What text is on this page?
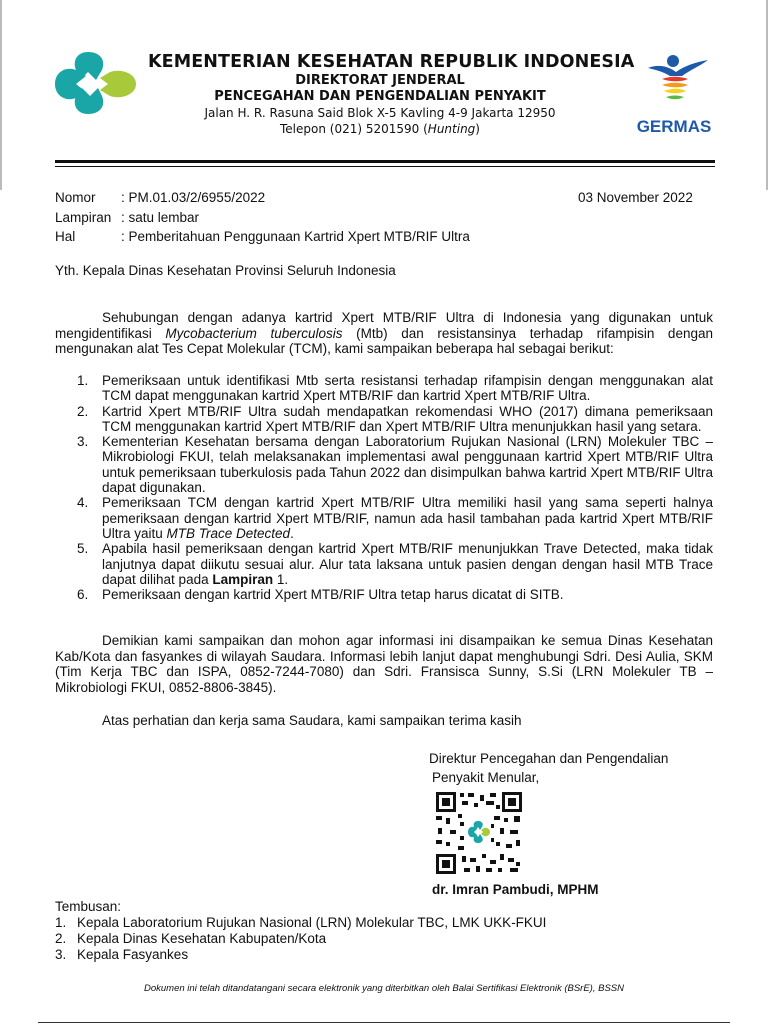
KEMENTERIAN KESEHATAN REPUBLIK INDONESIA
DIREKTORAT JENDERAL
PENCEGAHAN DAN PENGENDALIAN PENYAKIT
Jalan H. R. Rasuna Said Blok X-5 Kavling 4-9 Jakarta 12950
Telepon (021) 5201590 (Hunting)	GERMAS
Nomor : PM.01.03/2/6955/2022	03 November 2022
Lampiran : satu lembar
Hal	: Pemberitahuan Penggunaan Kartrid Xpert MTB/RIF Ultra
Yth. Kepala Dinas Kesehatan Provinsi Seluruh Indonesia

Sehubungan dengan adanya kartrid Xpert MTB/RIF Ultra di Indonesia yang digunakan untuk mengidentifikasi Mycobacterium tuberculosis (Mtb) dan resistansinya terhadap rifampisin dengan mengunakan alat Tes Cepat Molekular (TCM), kami sampaikan beberapa hal sebagai berikut:

1. Pemeriksaan untuk identifikasi Mtb serta resistansi terhadap rifampisin dengan menggunakan alat TCM dapat menggunakan kartrid Xpert MTB/RIF dan kartrid Xpert MTB/RIF Ultra.
2. Kartrid Xpert MTB/RIF Ultra sudah mendapatkan rekomendasi WHO (2017) dimana pemeriksaan TCM menggunakan kartrid Xpert MTB/RIF dan Xpert MTB/RIF Ultra menunjukkan hasil yang setara.
3. Kementerian Kesehatan bersama dengan Laboratorium Rujukan Nasional (LRN) Molekuler TBC – Mikrobiologi FKUI, telah melaksanakan implementasi awal penggunaan kartrid Xpert MTB/RIF Ultra untuk pemeriksaan tuberkulosis pada Tahun 2022 dan disimpulkan bahwa kartrid Xpert MTB/RIF Ultra dapat digunakan.
4. Pemeriksaan TCM dengan kartrid Xpert MTB/RIF Ultra memiliki hasil yang sama seperti halnya pemeriksaan dengan kartrid Xpert MTB/RIF, namun ada hasil tambahan pada kartrid Xpert MTB/RIF Ultra yaitu MTB Trace Detected.
5. Apabila hasil pemeriksaan dengan kartrid Xpert MTB/RIF menunjukkan Trave Detected, maka tidak lanjutnya dapat diikutu sesuai alur. Alur tata laksana untuk pasien dengan dengan hasil MTB Trace dapat dilihat pada Lampiran 1.
6. Pemeriksaan dengan kartrid Xpert MTB/RIF Ultra tetap harus dicatat di SITB.

Demikian kami sampaikan dan mohon agar informasi ini disampaikan ke semua Dinas Kesehatan Kab/Kota dan fasyankes di wilayah Saudara. Informasi lebih lanjut dapat menghubungi Sdri. Desi Aulia, SKM (Tim Kerja TBC dan ISPA, 0852-7244-7080) dan Sdri. Fransisca Sunny, S.Si (LRN Molekuler TB – Mikrobiologi FKUI, 0852-8806-3845).

Atas perhatian dan kerja sama Saudara, kami sampaikan terima kasih

Direktur Pencegahan dan Pengendalian
Penyakit Menular,
dr. Imran Pambudi, MPHM
Tembusan:
1. Kepala Laboratorium Rujukan Nasional (LRN) Molekular TBC, LMK UKK-FKUI
2. Kepala Dinas Kesehatan Kabupaten/Kota
3. Kepala Fasyankes
Dokumen ini telah ditandatangani secara elektronik yang diterbitkan oleh Balai Sertifikasi Elektronik (BSrE), BSSN
